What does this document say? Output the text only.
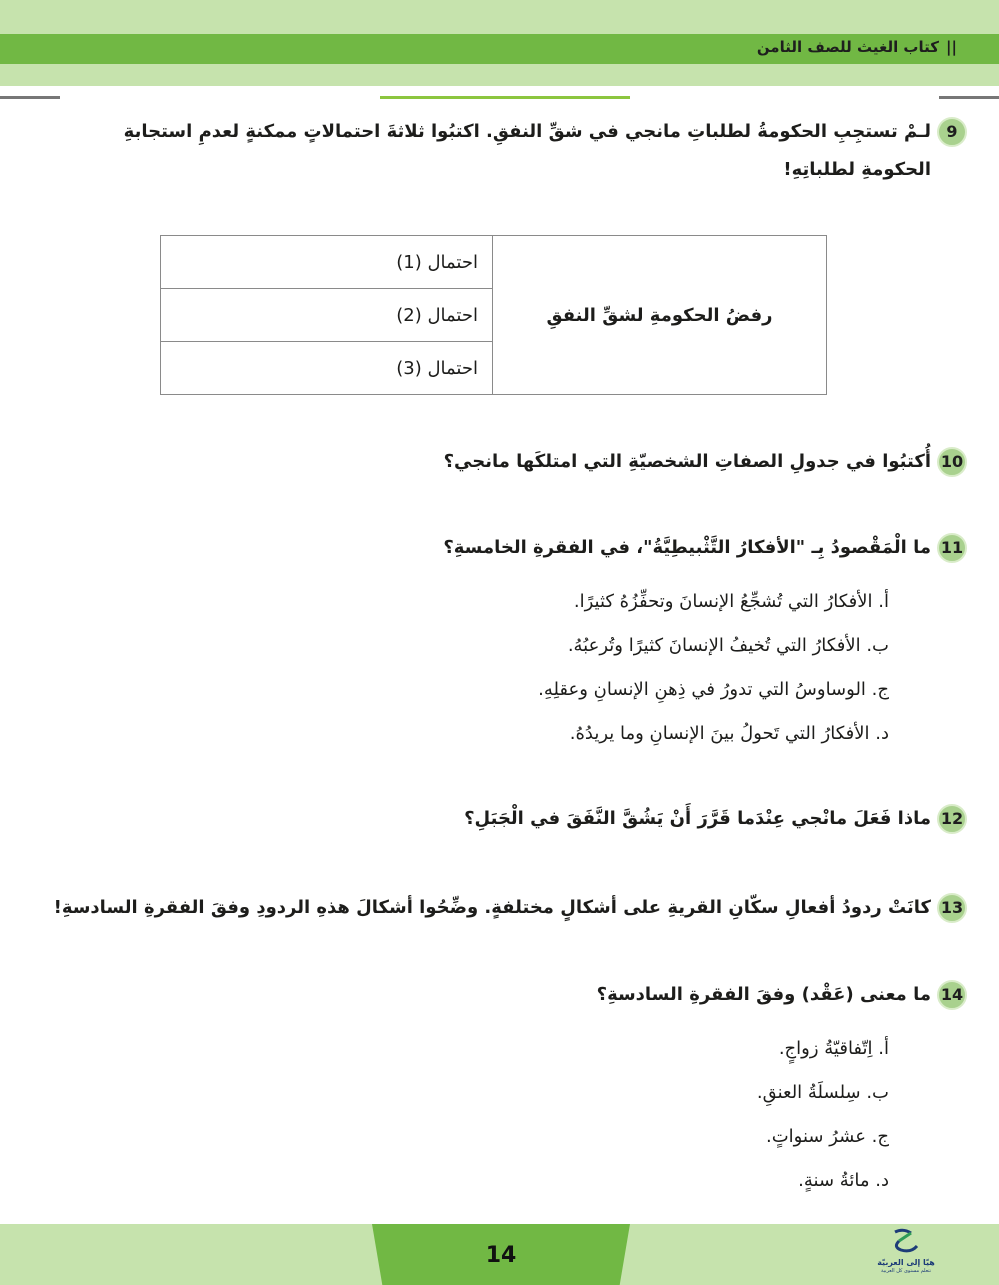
||
كتاب الغيث للصف الثامن
9
لـمْ تستجِبِ الحكومةُ لطلباتِ مانجي في شقِّ النفقِ. اكتبُوا ثلاثةَ احتمالاتٍ ممكنةٍ لعدمِ استجابةِ
الحكومةِ لطلباتِهِ!
رفضُ الحكومةِ لشقِّ النفقِ	احتمال (1)
احتمال (2)
احتمال (3)
10
أُكتبُوا في جدولِ الصفاتِ الشخصيّةِ التي امتلكَها مانجي؟
11
ما الْمَقْصودُ بِـ "الأفكارُ التَّثْبيطِيَّةُ"، في الفقرةِ الخامسةِ؟
أ. الأفكارُ التي تُشجِّعُ الإنسانَ وتحفِّزُهُ كثيرًا.
ب. الأفكارُ التي تُخيفُ الإنسانَ كثيرًا وتُرعبُهُ.
ج. الوساوسُ التي تدورُ في ذِهنِ الإنسانِ وعقلِهِ.
د. الأفكارُ التي تَحولُ بينَ الإنسانِ وما يريدُهُ.
12
ماذا فَعَلَ مانْجي عِنْدَما قَرَّرَ أَنْ يَشُقَّ النَّفَقَ في الْجَبَلِ؟
13
كانَتْ ردودُ أفعالِ سكّانِ القريةِ على أشكالٍ مختلفةٍ. وضِّحُوا أشكالَ هذهِ الردودِ وفقَ الفقرةِ السادسةِ!
14
ما معنى (عَقْد) وفقَ الفقرةِ السادسةِ؟
أ. اِتّفاقيّةُ زواجٍ.
ب. سِلسلَةُ العنقِ.
ج. عشرُ سنواتٍ.
د. مائةُ سنةٍ.
14	هيّا إلى العربيّة
نتعلم مستوى كل العربية
